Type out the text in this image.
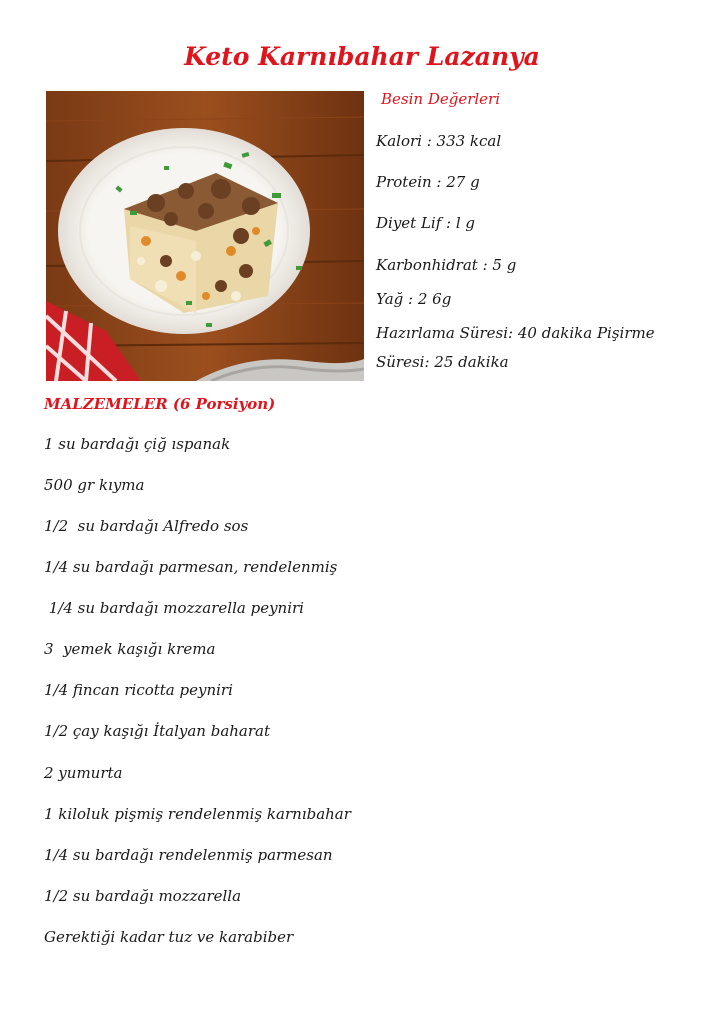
Keto Karnıbahar Lazanya
Besin Değerleri
Kalori : 333 kcal
Protein : 27 g
Diyet Lif : l g
Karbonhidrat : 5 g
Yağ : 2 6g
Hazırlama Süresi: 40 dakika Pişirme
Süresi: 25 dakika
MALZEMELER (6 Porsiyon)
1 su bardağı çiğ ıspanak
500 gr kıyma
1/2  su bardağı Alfredo sos
1/4 su bardağı parmesan, rendelenmiş
1/4 su bardağı mozzarella peyniri
3  yemek kaşığı krema
1/4 fincan ricotta peyniri
1/2 çay kaşığı İtalyan baharat
2 yumurta
1 kiloluk pişmiş rendelenmiş karnıbahar
1/4 su bardağı rendelenmiş parmesan
1/2 su bardağı mozzarella
Gerektiği kadar tuz ve karabiber
